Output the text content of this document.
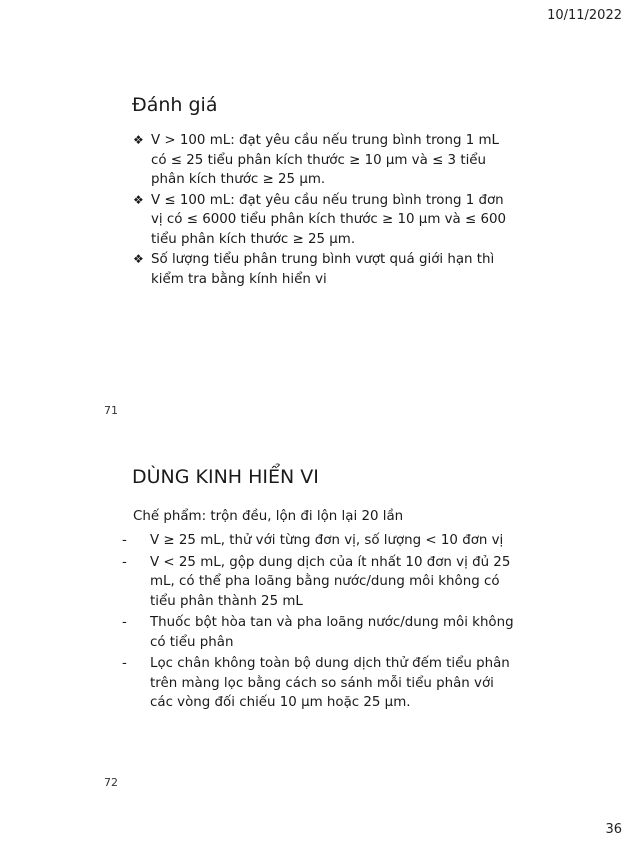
10/11/2022
Đánh giá
❖ V > 100 mL: đạt yêu cầu nếu trung bình trong 1 mL có ≤ 25 tiểu phân kích thước ≥ 10 µm và ≤ 3 tiểu phân kích thước ≥ 25 µm.
❖ V ≤ 100 mL: đạt yêu cầu nếu trung bình trong 1 đơn vị có ≤ 6000 tiểu phân kích thước ≥ 10 µm và ≤ 600 tiểu phân kích thước ≥ 25 µm.
❖ Số lượng tiểu phân trung bình vượt quá giới hạn thì kiểm tra bằng kính hiển vi
71
DÙNG KINH HIỂN VI
Chế phẩm: trộn đều, lộn đi lộn lại 20 lần
- V ≥ 25 mL, thử với từng đơn vị, số lượng < 10 đơn vị
- V < 25 mL, gộp dung dịch của ít nhất 10 đơn vị đủ 25 mL, có thể pha loãng bằng nước/dung môi không có tiểu phân thành 25 mL
- Thuốc bột hòa tan và pha loãng nước/dung môi không có tiểu phân
- Lọc chân không toàn bộ dung dịch thử đếm tiểu phân trên màng lọc bằng cách so sánh mỗi tiểu phân với các vòng đối chiếu 10 µm hoặc 25 µm.
72
36
